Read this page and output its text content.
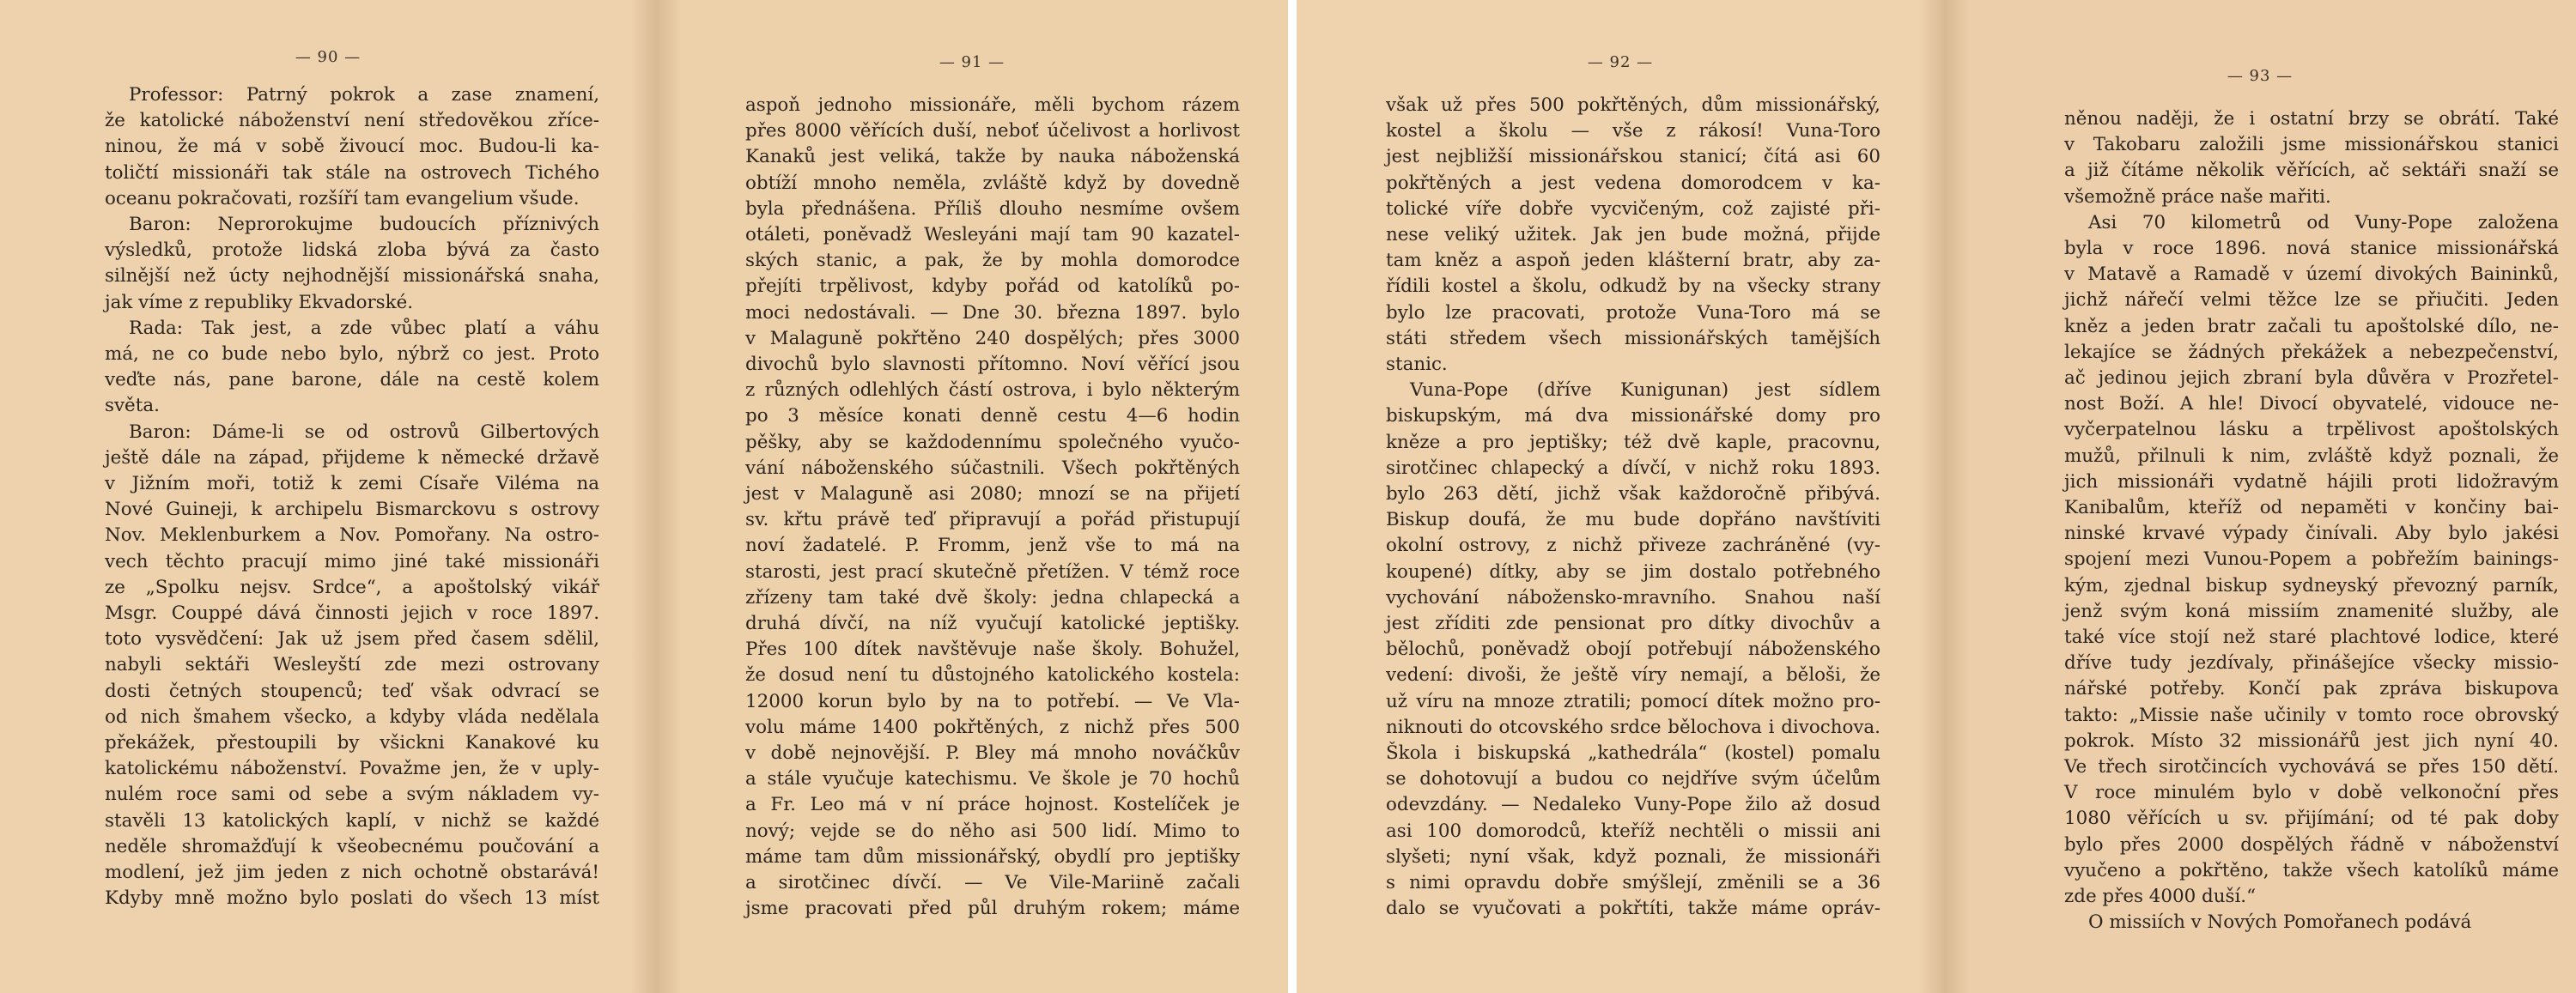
— 90 —
Professor: Patrný pokrok a zase znamení,
že katolické náboženství není středověkou zříce-
ninou, že má v sobě živoucí moc. Budou-li ka-
toličtí missionáři tak stále na ostrovech Tichého
oceanu pokračovati, rozšíří tam evangelium všude.
Baron: Neprorokujme budoucích příznivých
výsledků, protože lidská zloba bývá za často
silnější než úcty nejhodnější missionářská snaha,
jak víme z republiky Ekvadorské.
Rada: Tak jest, a zde vůbec platí a váhu
má, ne co bude nebo bylo, nýbrž co jest. Proto
veďte nás, pane barone, dále na cestě kolem
světa.
Baron: Dáme-li se od ostrovů Gilbertových
ještě dále na západ, přijdeme k německé državě
v Jižním moři, totiž k zemi Císaře Viléma na
Nové Guineji, k archipelu Bismarckovu s ostrovy
Nov. Meklenburkem a Nov. Pomořany. Na ostro-
vech těchto pracují mimo jiné také missionáři
ze „Spolku nejsv. Srdce“, a apoštolský vikář
Msgr. Couppé dává činnosti jejich v roce 1897.
toto vysvědčení: Jak už jsem před časem sdělil,
nabyli sektáři Wesleyští zde mezi ostrovany
dosti četných stoupenců; teď však odvrací se
od nich šmahem všecko, a kdyby vláda nedělala
překážek, přestoupili by všickni Kanakové ku
katolickému náboženství. Považme jen, že v uply-
nulém roce sami od sebe a svým nákladem vy-
stavěli 13 katolických kaplí, v nichž se každé
neděle shromažďují k všeobecnému poučování a
modlení, jež jim jeden z nich ochotně obstarává!
Kdyby mně možno bylo poslati do všech 13 míst
— 91 —
aspoň jednoho missionáře, měli bychom rázem
přes 8000 věřících duší, neboť účelivost a horlivost
Kanaků jest veliká, takže by nauka náboženská
obtíží mnoho neměla, zvláště když by dovedně
byla přednášena. Příliš dlouho nesmíme ovšem
otáleti, poněvadž Wesleyáni mají tam 90 kazatel-
ských stanic, a pak, že by mohla domorodce
přejíti trpělivost, kdyby pořád od katolíků po-
moci nedostávali. — Dne 30. března 1897. bylo
v Malaguně pokřtěno 240 dospělých; přes 3000
divochů bylo slavnosti přítomno. Noví věřící jsou
z různých odlehlých částí ostrova, i bylo některým
po 3 měsíce konati denně cestu 4—6 hodin
pěšky, aby se každodennímu společného vyučo-
vání náboženského súčastnili. Všech pokřtěných
jest v Malaguně asi 2080; mnozí se na přijetí
sv. křtu právě teď připravují a pořád přistupují
noví žadatelé. P. Fromm, jenž vše to má na
starosti, jest prací skutečně přetížen. V témž roce
zřízeny tam také dvě školy: jedna chlapecká a
druhá dívčí, na níž vyučují katolické jeptišky.
Přes 100 dítek navštěvuje naše školy. Bohužel,
že dosud není tu důstojného katolického kostela:
12000 korun bylo by na to potřebí. — Ve Vla-
volu máme 1400 pokřtěných, z nichž přes 500
v době nejnovější. P. Bley má mnoho nováčkův
a stále vyučuje katechismu. Ve škole je 70 hochů
a Fr. Leo má v ní práce hojnost. Kostelíček je
nový; vejde se do něho asi 500 lidí. Mimo to
máme tam dům missionářský, obydlí pro jeptišky
a sirotčinec dívčí. — Ve Vile-Mariině začali
jsme pracovati před půl druhým rokem; máme
— 92 —
však už přes 500 pokřtěných, dům missionářský,
kostel a školu — vše z rákosí! Vuna-Toro
jest nejbližší missionářskou stanicí; čítá asi 60
pokřtěných a jest vedena domorodcem v ka-
tolické víře dobře vycvičeným, což zajisté při-
nese veliký užitek. Jak jen bude možná, přijde
tam kněz a aspoň jeden klášterní bratr, aby za-
řídili kostel a školu, odkudž by na všecky strany
bylo lze pracovati, protože Vuna-Toro má se
státi středem všech missionářských tamějších
stanic.
Vuna-Pope (dříve Kunigunan) jest sídlem
biskupským, má dva missionářské domy pro
kněze a pro jeptišky; též dvě kaple, pracovnu,
sirotčinec chlapecký a dívčí, v nichž roku 1893.
bylo 263 dětí, jichž však každoročně přibývá.
Biskup doufá, že mu bude dopřáno navštíviti
okolní ostrovy, z nichž přiveze zachráněné (vy-
koupené) dítky, aby se jim dostalo potřebného
vychování nábožensko-mravního. Snahou naší
jest zříditi zde pensionat pro dítky divochův a
bělochů, poněvadž obojí potřebují náboženského
vedení: divoši, že ještě víry nemají, a běloši, že
už víru na mnoze ztratili; pomocí dítek možno pro-
niknouti do otcovského srdce bělochova i divochova.
Škola i biskupská „kathedrála“ (kostel) pomalu
se dohotovují a budou co nejdříve svým účelům
odevzdány. — Nedaleko Vuny-Pope žilo až dosud
asi 100 domorodců, kteříž nechtěli o missii ani
slyšeti; nyní však, když poznali, že missionáři
s nimi opravdu dobře smýšlejí, změnili se a 36
dalo se vyučovati a pokřtíti, takže máme opráv-
— 93 —
něnou naději, že i ostatní brzy se obrátí. Také
v Takobaru založili jsme missionářskou stanici
a již čítáme několik věřících, ač sektáři snaží se
všemožně práce naše mařiti.
Asi 70 kilometrů od Vuny-Pope založena
byla v roce 1896. nová stanice missionářská
v Matavě a Ramadě v území divokých Baininků,
jichž nářečí velmi těžce lze se přiučiti. Jeden
kněz a jeden bratr začali tu apoštolské dílo, ne-
lekajíce se žádných překážek a nebezpečenství,
ač jedinou jejich zbraní byla důvěra v Prozřetel-
nost Boží. A hle! Divocí obyvatelé, vidouce ne-
vyčerpatelnou lásku a trpělivost apoštolských
mužů, přilnuli k nim, zvláště když poznali, že
jich missionáři vydatně hájili proti lidožravým
Kanibalům, kteříž od nepaměti v končiny bai-
ninské krvavé výpady činívali. Aby bylo jakési
spojení mezi Vunou-Popem a pobřežím bainings-
kým, zjednal biskup sydneyský převozný parník,
jenž svým koná missiím znamenité služby, ale
také více stojí než staré plachtové lodice, které
dříve tudy jezdívaly, přinášejíce všecky missio-
nářské potřeby. Končí pak zpráva biskupova
takto: „Missie naše učinily v tomto roce obrovský
pokrok. Místo 32 missionářů jest jich nyní 40.
Ve třech sirotčincích vychovává se přes 150 dětí.
V roce minulém bylo v době velkonoční přes
1080 věřících u sv. přijímání; od té pak doby
bylo přes 2000 dospělých řádně v náboženství
vyučeno a pokřtěno, takže všech katolíků máme
zde přes 4000 duší.“
O missiích v Nových Pomořanech podává
